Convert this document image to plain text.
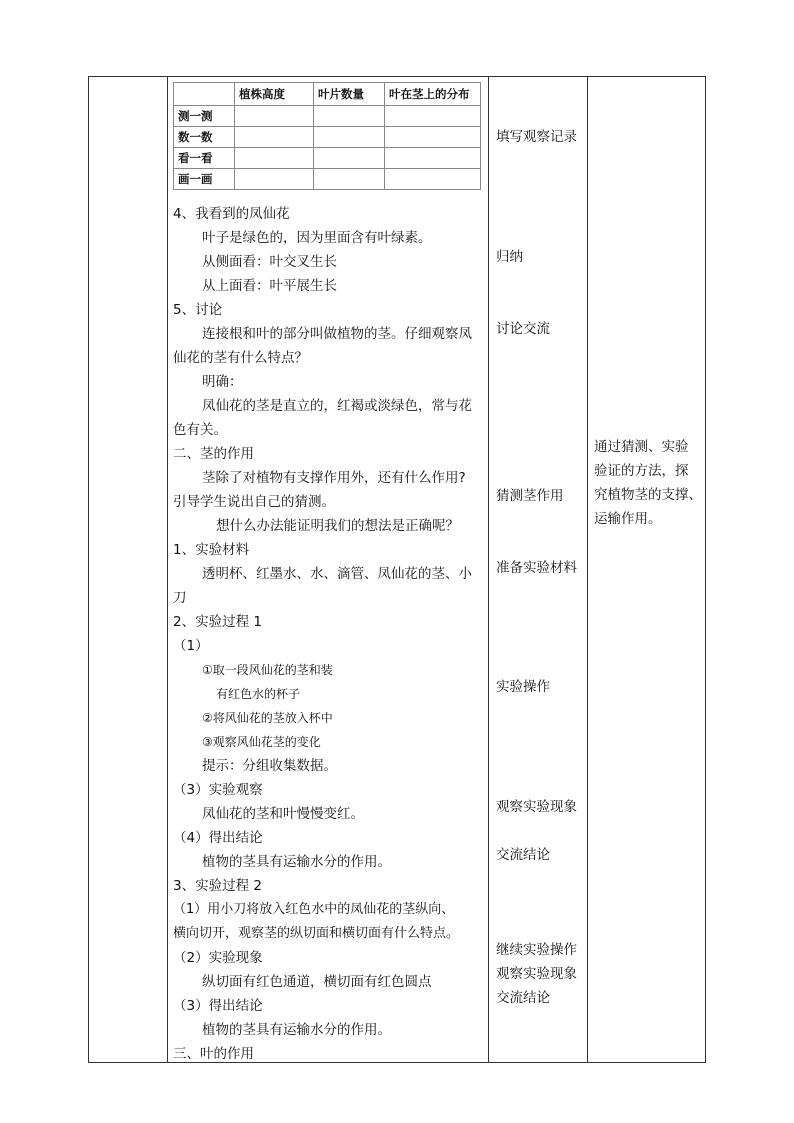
	植株高度	叶片数量	叶在茎上的分布
测一测			
数一数			
看一看			
画一画			
4、我看到的凤仙花
叶子是绿色的，因为里面含有叶绿素。
从侧面看：叶交叉生长
从上面看：叶平展生长
5、讨论
连接根和叶的部分叫做植物的茎。仔细观察凤
仙花的茎有什么特点？
明确：
凤仙花的茎是直立的，红褐或淡绿色，常与花
色有关。
二、茎的作用
茎除了对植物有支撑作用外，还有什么作用?
引导学生说出自己的猜测。
想什么办法能证明我们的想法是正确呢？
1、实验材料
透明杯、红墨水、水、滴管、凤仙花的茎、小
刀
2、实验过程 1
（1）
①取一段风仙花的茎和装
有红色水的杯子
②将风仙花的茎放入杯中
③观察风仙花茎的变化
提示：分组收集数据。
（3）实验观察
凤仙花的茎和叶慢慢变红。
（4）得出结论
植物的茎具有运输水分的作用。
3、实验过程 2
（1）用小刀将放入红色水中的凤仙花的茎纵向、
横向切开，观察茎的纵切面和横切面有什么特点。
（2）实验现象
纵切面有红色通道，横切面有红色圆点
（3）得出结论
植物的茎具有运输水分的作用。
三、叶的作用
填写观察记录
归纳
讨论交流
猜测茎作用
准备实验材料
实验操作
观察实验现象
交流结论
继续实验操作
观察实验现象
交流结论
通过猜测、实验
验证的方法，探
究植物茎的支撑、
运输作用。
